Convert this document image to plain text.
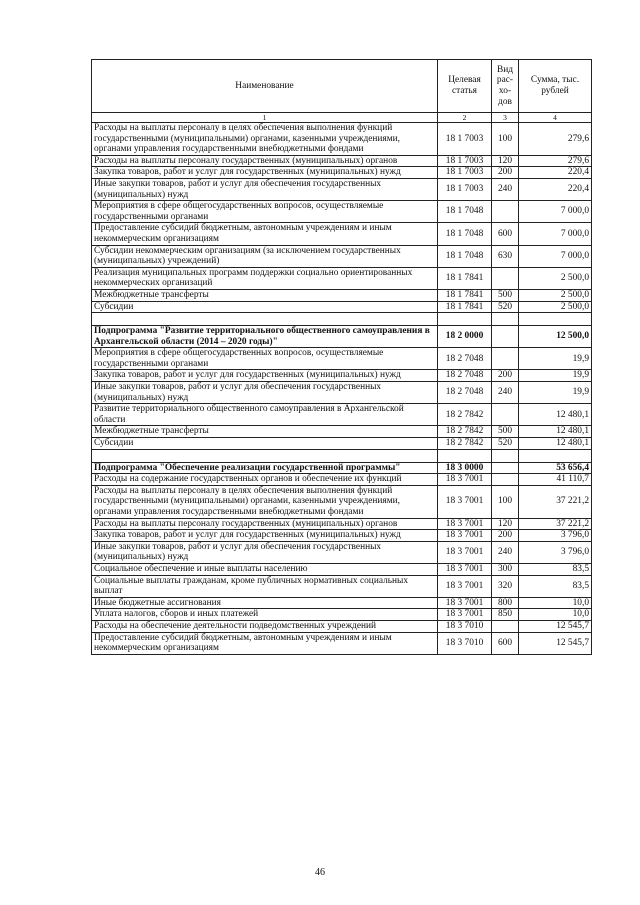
Наименование	Целевая статья	Вид рас- хо- дов	Сумма, тыс. рублей
1	2	3	4
Расходы на выплаты персоналу в целях обеспечения выполнения функций государственными (муниципальными) органами, казенными учреждениями, органами управления государственными внебюджетными фондами	18 1 7003	100	279,6
Расходы на выплаты персоналу государственных (муниципальных) органов	18 1 7003	120	279,6
Закупка товаров, работ и услуг для государственных (муниципальных) нужд	18 1 7003	200	220,4
Иные закупки товаров, работ и услуг для обеспечения государственных (муниципальных) нужд	18 1 7003	240	220,4
Мероприятия в сфере общегосударственных вопросов, осуществляемые государственными органами	18 1 7048		7 000,0
Предоставление субсидий бюджетным, автономным учреждениям и иным некоммерческим организациям	18 1 7048	600	7 000,0
Субсидии некоммерческим организациям (за исключением государственных (муниципальных) учреждений)	18 1 7048	630	7 000,0
Реализация муниципальных программ поддержки социально ориентированных некоммерческих организаций	18 1 7841		2 500,0
Межбюджетные трансферты	18 1 7841	500	2 500,0
Субсидии	18 1 7841	520	2 500,0

Подпрограмма "Развитие территориального общественного самоуправления в Архангельской области (2014 – 2020 годы)"	18 2 0000		12 500,0
Мероприятия в сфере общегосударственных вопросов, осуществляемые государственными органами	18 2 7048		19,9
Закупка товаров, работ и услуг для государственных (муниципальных) нужд	18 2 7048	200	19,9
Иные закупки товаров, работ и услуг для обеспечения государственных (муниципальных) нужд	18 2 7048	240	19,9
Развитие территориального общественного самоуправления в Архангельской области	18 2 7842		12 480,1
Межбюджетные трансферты	18 2 7842	500	12 480,1
Субсидии	18 2 7842	520	12 480,1

Подпрограмма "Обеспечение реализации государственной программы"	18 3 0000		53 656,4
Расходы на содержание государственных органов и обеспечение их функций	18 3 7001		41 110,7
Расходы на выплаты персоналу в целях обеспечения выполнения функций государственными (муниципальными) органами, казенными учреждениями, органами управления государственными внебюджетными фондами	18 3 7001	100	37 221,2
Расходы на выплаты персоналу государственных (муниципальных) органов	18 3 7001	120	37 221,2
Закупка товаров, работ и услуг для государственных (муниципальных) нужд	18 3 7001	200	3 796,0
Иные закупки товаров, работ и услуг для обеспечения государственных (муниципальных) нужд	18 3 7001	240	3 796,0
Социальное обеспечение и иные выплаты населению	18 3 7001	300	83,5
Социальные выплаты гражданам, кроме публичных нормативных социальных выплат	18 3 7001	320	83,5
Иные бюджетные ассигнования	18 3 7001	800	10,0
Уплата налогов, сборов и иных платежей	18 3 7001	850	10,0
Расходы на обеспечение деятельности подведомственных учреждений	18 3 7010		12 545,7
Предоставление субсидий бюджетным, автономным учреждениям и иным некоммерческим организациям	18 3 7010	600	12 545,7
46
